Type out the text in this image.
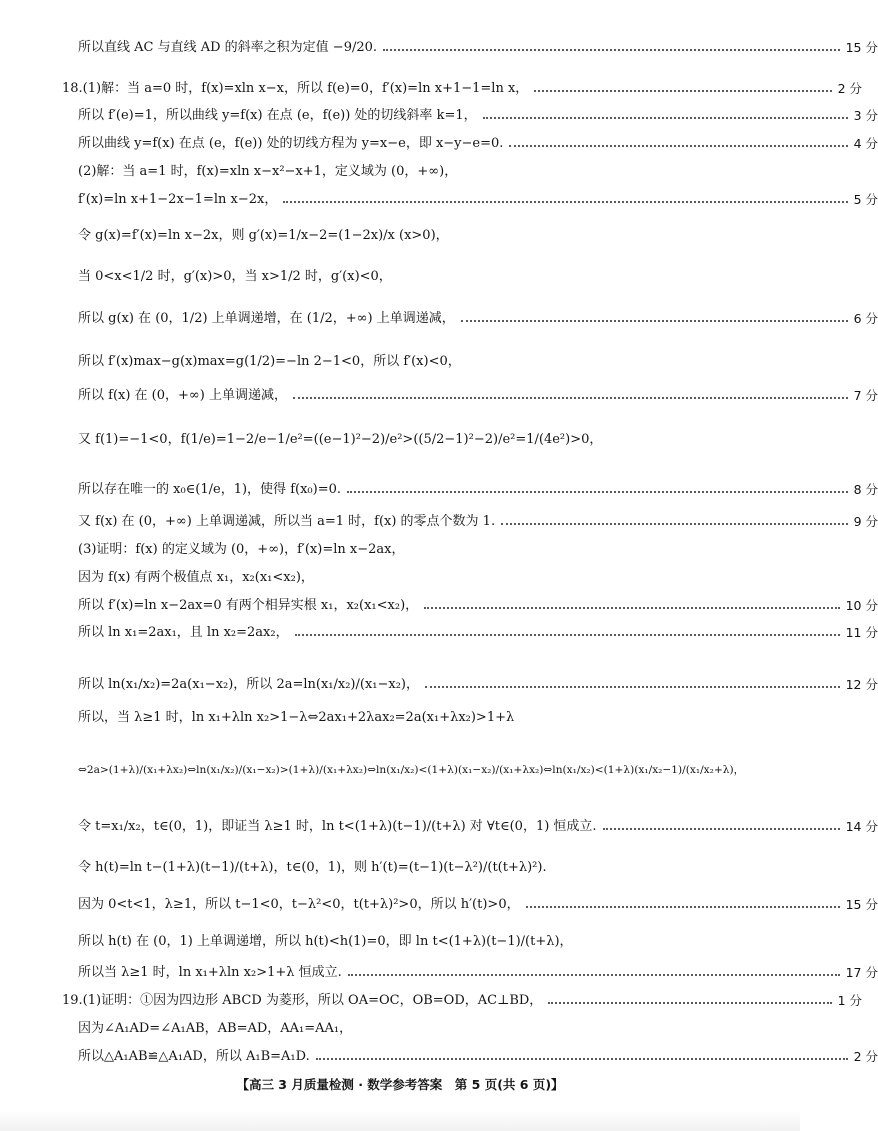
所以直线 AC 与直线 AD 的斜率之积为定值 −9/20.	15 分
18.(1)解：当 a=0 时，f(x)=xln x−x，所以 f(e)=0，f′(x)=ln x+1−1=ln x，	2 分
所以 f′(e)=1，所以曲线 y=f(x) 在点 (e，f(e)) 处的切线斜率 k=1，	3 分
所以曲线 y=f(x) 在点 (e，f(e)) 处的切线方程为 y=x−e，即 x−y−e=0.	4 分
(2)解：当 a=1 时，f(x)=xln x−x²−x+1，定义域为 (0，+∞)，
f′(x)=ln x+1−2x−1=ln x−2x，	5 分
令 g(x)=f′(x)=ln x−2x，则 g′(x)=1/x−2=(1−2x)/x (x>0)，
当 0<x<1/2 时，g′(x)>0，当 x>1/2 时，g′(x)<0，
所以 g(x) 在 (0，1/2) 上单调递增，在 (1/2，+∞) 上单调递减，	6 分
所以 f′(x)max−g(x)max=g(1/2)=−ln 2−1<0，所以 f′(x)<0，
所以 f(x) 在 (0，+∞) 上单调递减，	7 分
又 f(1)=−1<0，f(1/e)=1−2/e−1/e²=((e−1)²−2)/e²>((5/2−1)²−2)/e²=1/(4e²)>0，
所以存在唯一的 x₀∈(1/e，1)，使得 f(x₀)=0.	8 分
又 f(x) 在 (0，+∞) 上单调递减，所以当 a=1 时，f(x) 的零点个数为 1.	9 分
(3)证明：f(x) 的定义域为 (0，+∞)，f′(x)=ln x−2ax，
因为 f(x) 有两个极值点 x₁，x₂(x₁<x₂)，
所以 f′(x)=ln x−2ax=0 有两个相异实根 x₁，x₂(x₁<x₂)，	10 分
所以 ln x₁=2ax₁，且 ln x₂=2ax₂，	11 分
所以 ln(x₁/x₂)=2a(x₁−x₂)，所以 2a=ln(x₁/x₂)/(x₁−x₂)，	12 分
所以，当 λ≥1 时，ln x₁+λln x₂>1−λ⇔2ax₁+2λax₂=2a(x₁+λx₂)>1+λ
⇔2a>(1+λ)/(x₁+λx₂)⇔ln(x₁/x₂)/(x₁−x₂)>(1+λ)/(x₁+λx₂)⇔ln(x₁/x₂)<(1+λ)(x₁−x₂)/(x₁+λx₂)⇔ln(x₁/x₂)<(1+λ)(x₁/x₂−1)/(x₁/x₂+λ)，
令 t=x₁/x₂，t∈(0，1)，即证当 λ≥1 时，ln t<(1+λ)(t−1)/(t+λ) 对 ∀t∈(0，1) 恒成立.	14 分
令 h(t)=ln t−(1+λ)(t−1)/(t+λ)，t∈(0，1)，则 h′(t)=(t−1)(t−λ²)/(t(t+λ)²).
因为 0<t<1，λ≥1，所以 t−1<0，t−λ²<0，t(t+λ)²>0，所以 h′(t)>0，	15 分
所以 h(t) 在 (0，1) 上单调递增，所以 h(t)<h(1)=0，即 ln t<(1+λ)(t−1)/(t+λ)，
所以当 λ≥1 时，ln x₁+λln x₂>1+λ 恒成立.	17 分
19.(1)证明：①因为四边形 ABCD 为菱形，所以 OA=OC，OB=OD，AC⊥BD，	1 分
因为∠A₁AD=∠A₁AB，AB=AD，AA₁=AA₁，
所以△A₁AB≌△A₁AD，所以 A₁B=A₁D.	2 分
【高三 3 月质量检测 · 数学参考答案　第 5 页(共 6 页)】
